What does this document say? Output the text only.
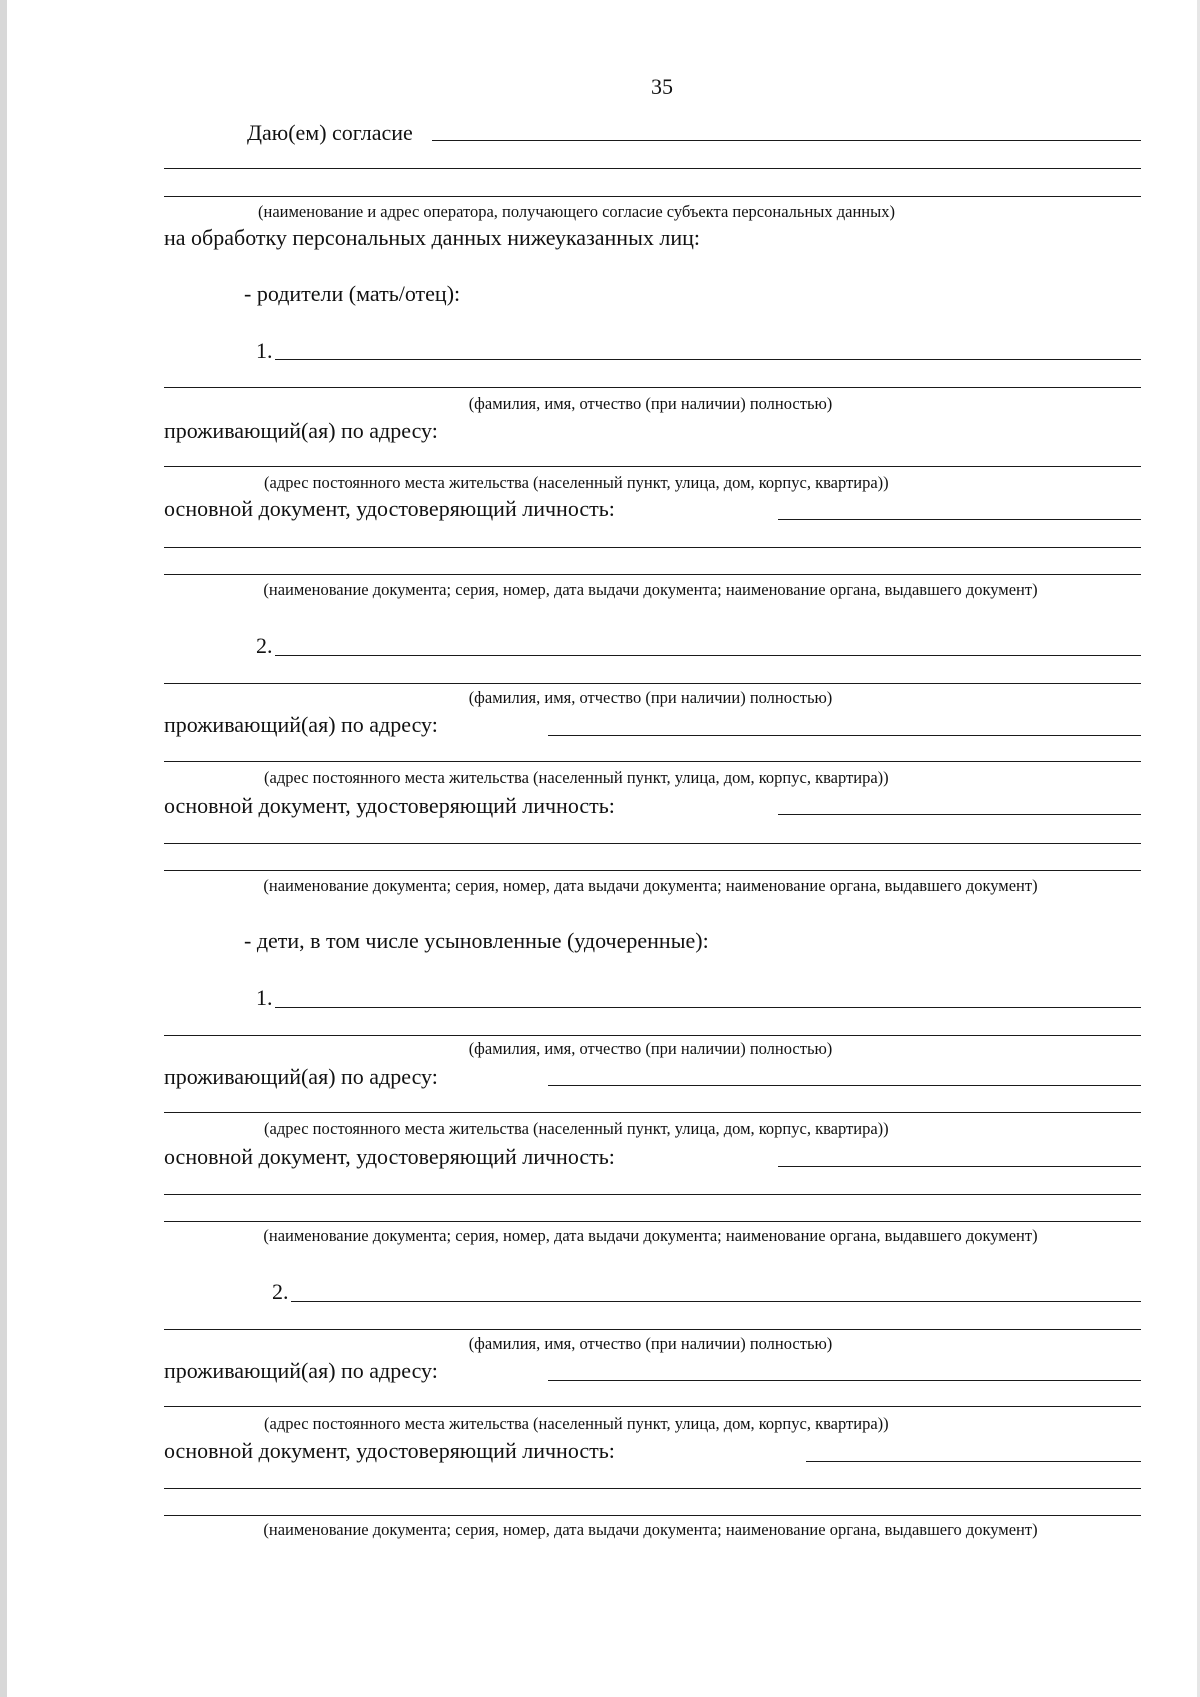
35
Даю(ем) согласие
(наименование и адрес оператора, получающего согласие субъекта персональных данных)
на обработку персональных данных нижеуказанных лиц:
- родители (мать/отец):
1.
(фамилия, имя, отчество (при наличии) полностью)
проживающий(ая) по адресу:
(адрес постоянного места жительства (населенный пункт, улица, дом, корпус, квартира))
основной документ, удостоверяющий личность:
(наименование документа; серия, номер, дата выдачи документа; наименование органа, выдавшего документ)
2.
(фамилия, имя, отчество (при наличии) полностью)
проживающий(ая) по адресу:
(адрес постоянного места жительства (населенный пункт, улица, дом, корпус, квартира))
основной документ, удостоверяющий личность:
(наименование документа; серия, номер, дата выдачи документа; наименование органа, выдавшего документ)
- дети, в том числе усыновленные (удочеренные):
1.
(фамилия, имя, отчество (при наличии) полностью)
проживающий(ая) по адресу:
(адрес постоянного места жительства (населенный пункт, улица, дом, корпус, квартира))
основной документ, удостоверяющий личность:
(наименование документа; серия, номер, дата выдачи документа; наименование органа, выдавшего документ)
2.
(фамилия, имя, отчество (при наличии) полностью)
проживающий(ая) по адресу:
(адрес постоянного места жительства (населенный пункт, улица, дом, корпус, квартира))
основной документ, удостоверяющий личность:
(наименование документа; серия, номер, дата выдачи документа; наименование органа, выдавшего документ)
